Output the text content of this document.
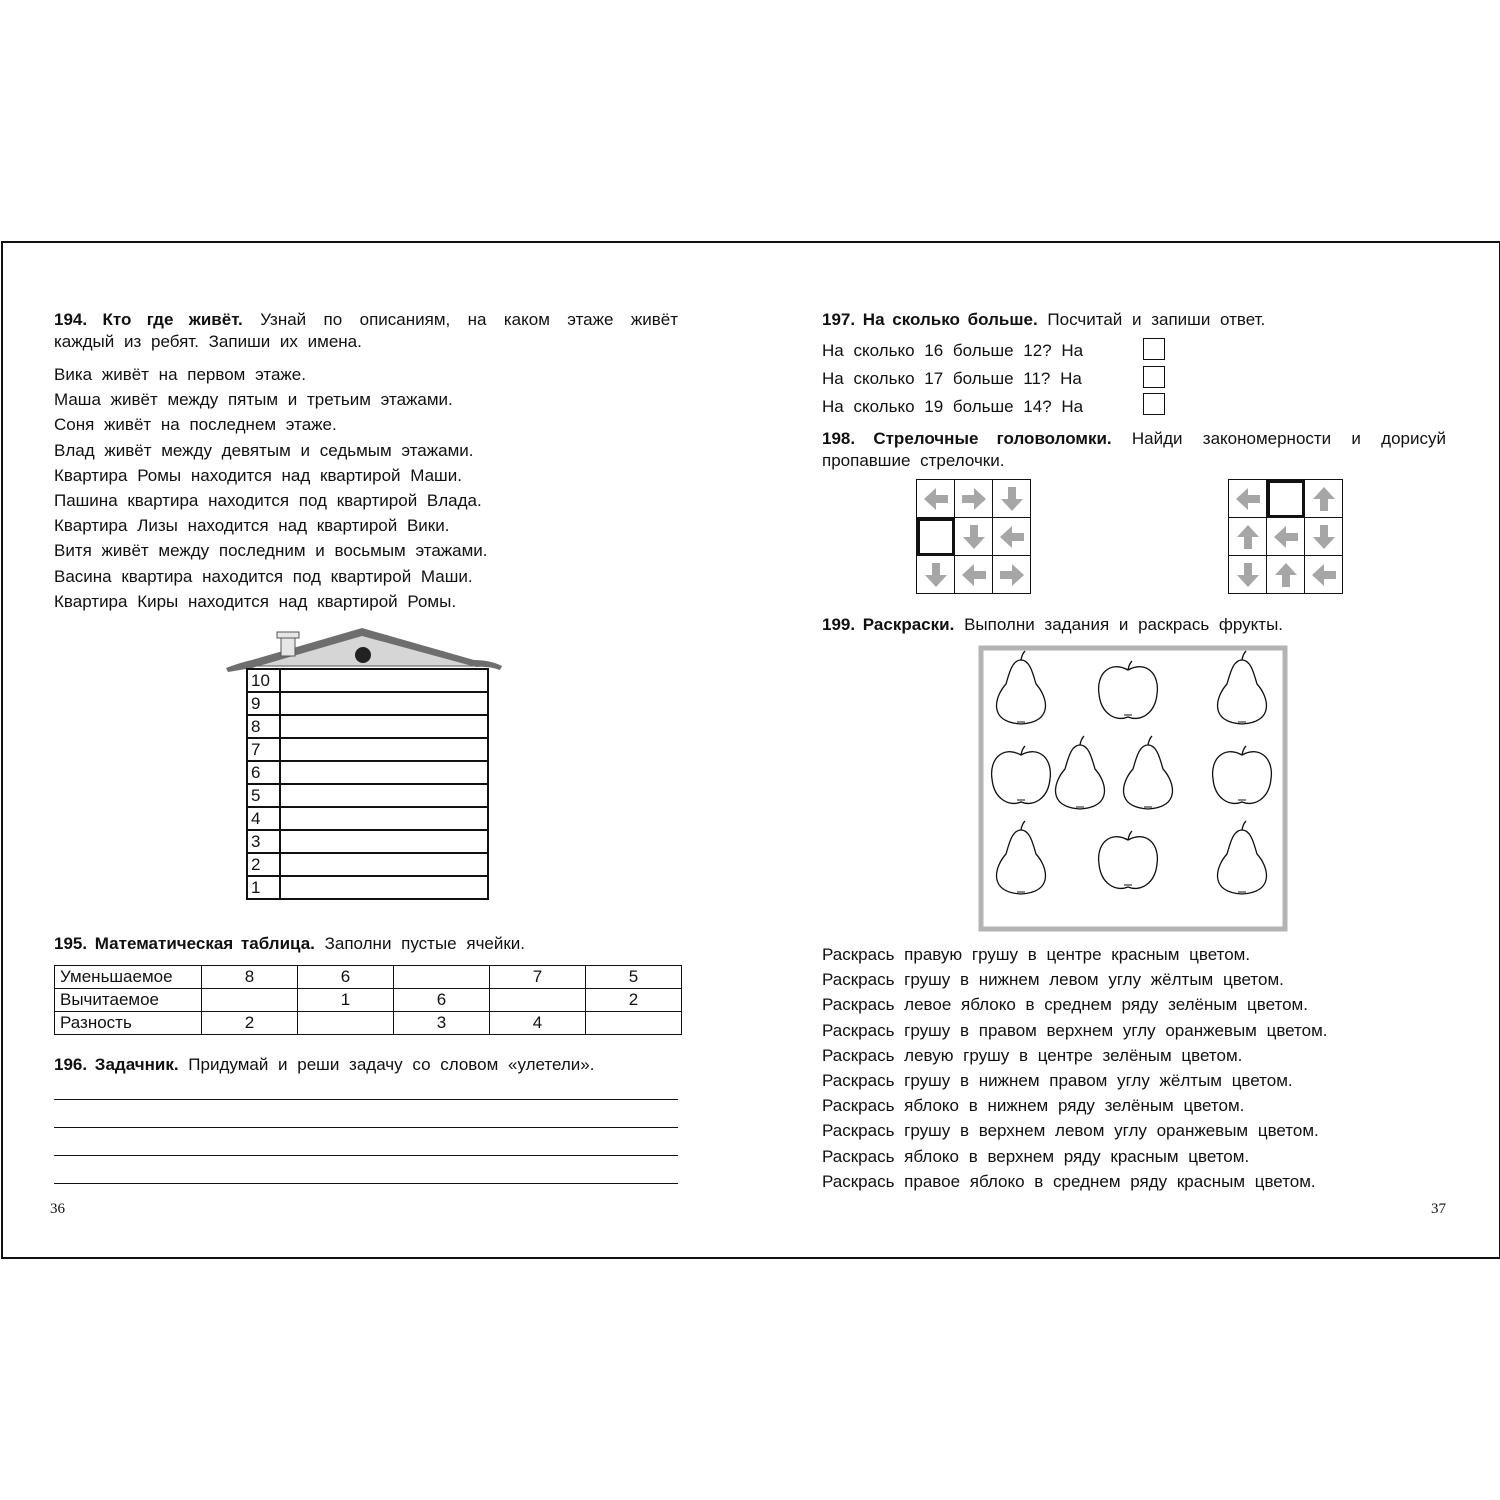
194. Кто где живёт. Узнай по описаниям, на каком этаже живёт
каждый из ребят. Запиши их имена.
Вика живёт на первом этаже.
Маша живёт между пятым и третьим этажами.
Соня живёт на последнем этаже.
Влад живёт между девятым и седьмым этажами.
Квартира Ромы находится над квартирой Маши.
Пашина квартира находится под квартирой Влада.
Квартира Лизы находится над квартирой Вики.
Витя живёт между последним и восьмым этажами.
Васина квартира находится под квартирой Маши.
Квартира Киры находится над квартирой Ромы.
10	
9	
8	
7	
6	
5	
4	
3	
2	
1	
195. Математическая таблица. Заполни пустые ячейки.
Уменьшаемое	8	6		7	5
Вычитаемое		1	6		2
Разность	2		3	4	
196. Задачник. Придумай и реши задачу со словом «улетели».
36
197. На сколько больше. Посчитай и запиши ответ.
На сколько 16 больше 12? На
На сколько 17 больше 11? На
На сколько 19 больше 14? На
198. Стрелочные головоломки. Найди закономерности и дорисуй
пропавшие стрелочки.

199. Раскраски. Выполни задания и раскрась фрукты.
Раскрась правую грушу в центре красным цветом.
Раскрась грушу в нижнем левом углу жёлтым цветом.
Раскрась левое яблоко в среднем ряду зелёным цветом.
Раскрась грушу в правом верхнем углу оранжевым цветом.
Раскрась левую грушу в центре зелёным цветом.
Раскрась грушу в нижнем правом углу жёлтым цветом.
Раскрась яблоко в нижнем ряду зелёным цветом.
Раскрась грушу в верхнем левом углу оранжевым цветом.
Раскрась яблоко в верхнем ряду красным цветом.
Раскрась правое яблоко в среднем ряду красным цветом.
37
